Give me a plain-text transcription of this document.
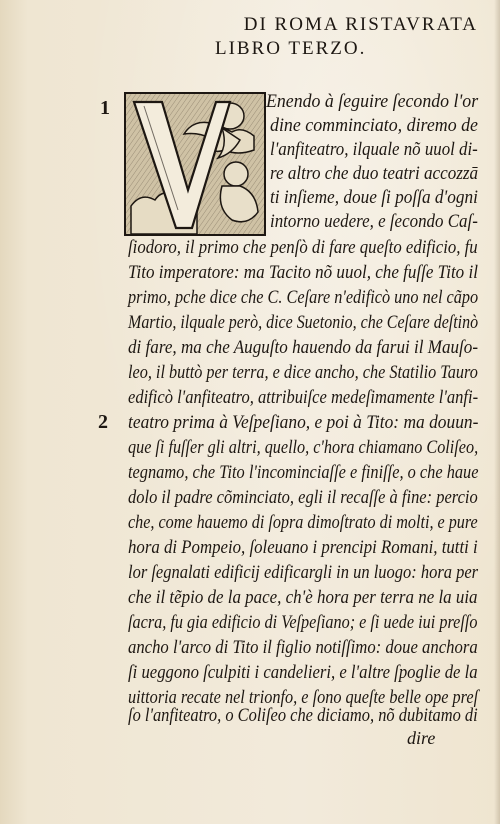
DI ROMA RISTAVRATA
LIBRO TERZO.
1
2
Enendo à ſeguire ſecondo l'or
dine comminciato, diremo de
l'anfiteatro, ilquale nõ uuol di-
re altro che duo teatri accozzā
ti inſieme, doue ſi poſſa d'ogni
intorno uedere, e ſecondo Caſ-
ſiodoro, il primo che penſò di fare queſto edificio, fu
Tito imperatore: ma Tacito nõ uuol, che fuſſe Tito il
primo, pche dice che C. Ceſare n'edificò uno nel cãpo
Martio, ilquale però, dice Suetonio, che Ceſare deſtinò
di fare, ma che Auguſto hauendo da farui il Mauſo-
leo, il buttò per terra, e dice ancho, che Statilio Tauro
edificò l'anfiteatro, attribuiſce medeſimamente l'anfi-
teatro prima à Veſpeſiano, e poi à Tito: ma douun-
que ſi fuſſer gli altri, quello, c'hora chiamano Coliſeo,
tegnamo, che Tito l'incominciaſſe e finiſſe, o che haue
dolo il padre cõminciato, egli il recaſſe à fine: percio
che, come hauemo di ſopra dimoſtrato di molti, e pure
hora di Pompeio, ſoleuano i prencipi Romani, tutti i
lor ſegnalati edificij edificargli in un luogo: hora per
che il tẽpio de la pace, ch'è hora per terra ne la uia
ſacra, fu gia edificio di Veſpeſiano; e ſi uede iui preſſo
ancho l'arco di Tito il figlio notiſſimo: doue anchora
ſi ueggono ſculpiti i candelieri, e l'altre ſpoglie de la
uittoria recate nel trionfo, e ſono queſte belle ope preſ
ſo l'anfiteatro, o Coliſeo che diciamo, nõ dubitamo di
dire
